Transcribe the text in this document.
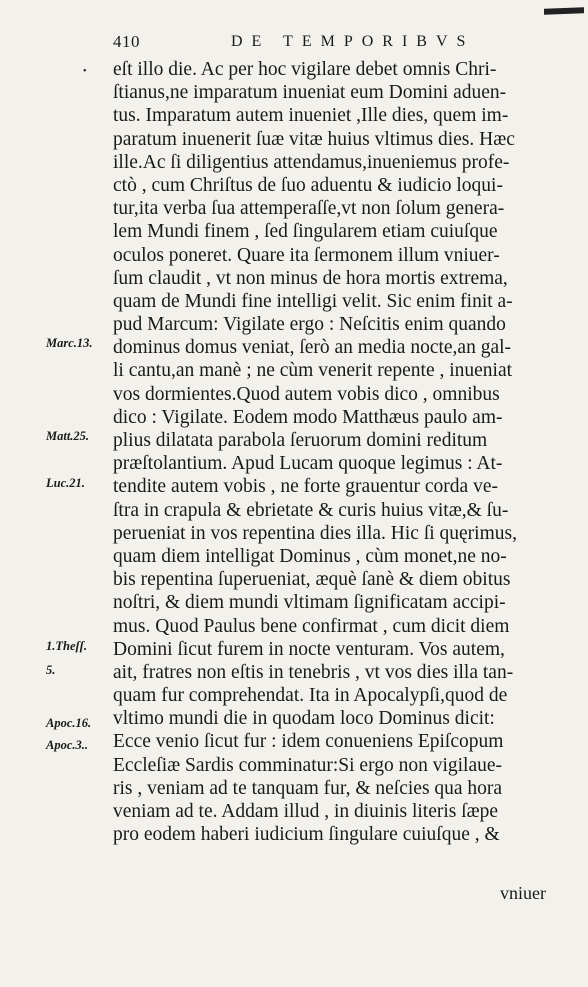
410	DE TEMPORIBVS
• eſt illo die. Ac per hoc vigilare debet omnis Chri-
ſtianus,ne imparatum inueniat eum Domini aduen-
tus. Imparatum autem inueniet ,Ille dies, quem im-
paratum inuenerit ſuæ vitæ huius vltimus dies. Hæc
ille.Ac ſi diligentius attendamus,inueniemus profe-
ctò , cum Chriſtus de ſuo aduentu & iudicio loqui-
tur,ita verba ſua attemperaſſe,vt non ſolum genera-
lem Mundi finem , ſed ſingularem etiam cuiuſque
oculos poneret. Quare ita ſermonem illum vniuer-
ſum claudit , vt non minus de hora mortis extrema,
quam de Mundi fine intelligi velit. Sic enim finit a-
pud Marcum: Vigilate ergo : Neſcitis enim quando
dominus domus veniat, ſerò an media nocte,an gal-
li cantu,an manè ; ne cùm venerit repente , inueniat
vos dormientes.Quod autem vobis dico , omnibus
dico : Vigilate. Eodem modo Matthæus paulo am-
plius dilatata parabola ſeruorum domini reditum
præſtolantium. Apud Lucam quoque legimus : At-
tendite autem vobis , ne forte grauentur corda ve-
ſtra in crapula & ebrietate & curis huius vitæ,& ſu-
perueniat in vos repentina dies illa. Hic ſi quęrimus,
quam diem intelligat Dominus , cùm monet,ne no-
bis repentina ſuperueniat, æquè ſanè & diem obitus
noſtri, & diem mundi vltimam ſignificatam accipi-
mus. Quod Paulus bene confirmat , cum dicit diem
Domini ſicut furem in nocte venturam. Vos autem,
ait, fratres non eſtis in tenebris , vt vos dies illa tan-
quam fur comprehendat. Ita in Apocalypſi,quod de
vltimo mundi die in quodam loco Dominus dicit:
Ecce venio ſicut fur : idem conueniens Epiſcopum
Eccleſiæ Sardis comminatur:Si ergo non vigilaue-
ris , veniam ad te tanquam fur, & neſcies qua hora
veniam ad te. Addam illud , in diuinis literis ſæpe
pro eodem haberi iudicium ſingulare cuiuſque , &
Marc.13.
Matt.25.
Luc.21.
1.Theſſ.
5.
Apoc.16.
Apoc.3..
vniuer
